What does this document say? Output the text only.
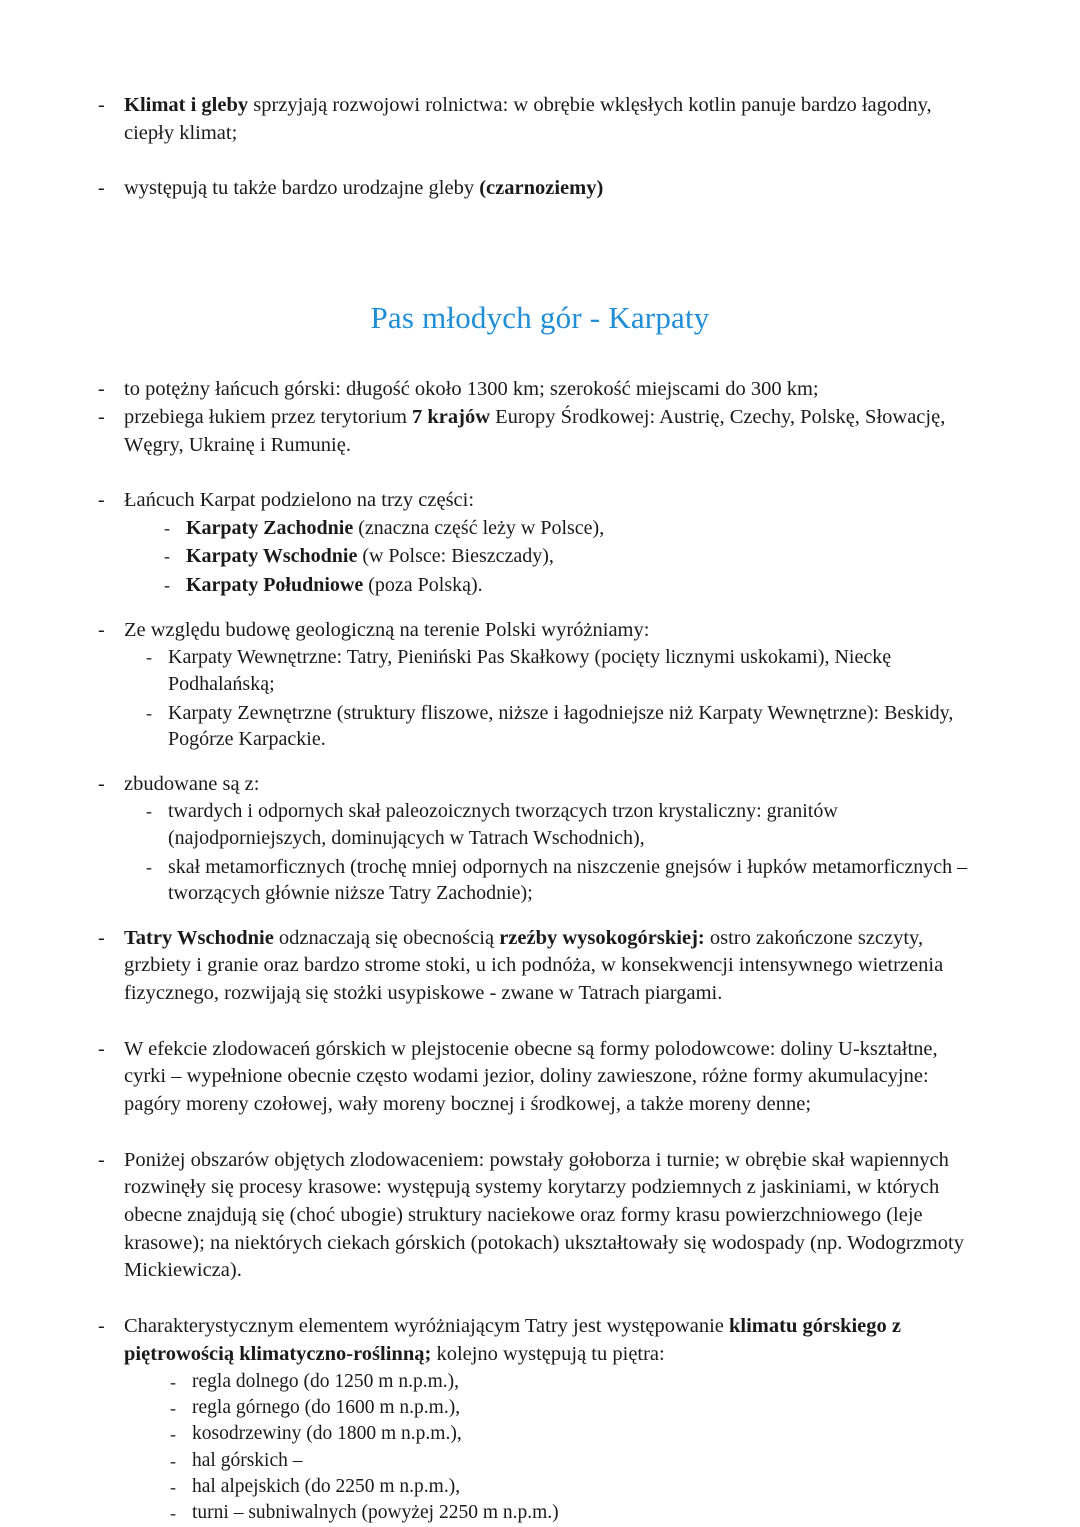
- Klimat i gleby sprzyjają rozwojowi rolnictwa: w obrębie wklęsłych kotlin panuje bardzo łagodny, ciepły klimat;
- występują tu także bardzo urodzajne gleby (czarnoziemy)
Pas młodych gór - Karpaty
- to potężny łańcuch górski: długość około 1300 km; szerokość miejscami do 300 km;
- przebiega łukiem przez terytorium 7 krajów Europy Środkowej: Austrię, Czechy, Polskę, Słowację, Węgry, Ukrainę i Rumunię.
- Łańcuch Karpat podzielono na trzy części:
- Karpaty Zachodnie (znaczna część leży w Polsce),
- Karpaty Wschodnie (w Polsce: Bieszczady),
- Karpaty Południowe (poza Polską).
- Ze względu budowę geologiczną na terenie Polski wyróżniamy:
- Karpaty Wewnętrzne: Tatry, Pieniński Pas Skałkowy (pocięty licznymi uskokami), Nieckę Podhalańską;
- Karpaty Zewnętrzne (struktury fliszowe, niższe i łagodniejsze niż Karpaty Wewnętrzne): Beskidy, Pogórze Karpackie.
- zbudowane są z:
- twardych i odpornych skał paleozoicznych tworzących trzon krystaliczny: granitów (najodporniejszych, dominujących w Tatrach Wschodnich),
- skał metamorficznych (trochę mniej odpornych na niszczenie gnejsów i łupków metamorficznych – tworzących głównie niższe Tatry Zachodnie);
- Tatry Wschodnie odznaczają się obecnością rzeźby wysokogórskiej: ostro zakończone szczyty, grzbiety i granie oraz bardzo strome stoki, u ich podnóża, w konsekwencji intensywnego wietrzenia fizycznego, rozwijają się stożki usypiskowe - zwane w Tatrach piargami.
- W efekcie zlodowaceń górskich w plejstocenie obecne są formy polodowcowe: doliny U-kształtne, cyrki – wypełnione obecnie często wodami jezior, doliny zawieszone, różne formy akumulacyjne: pagóry moreny czołowej, wały moreny bocznej i środkowej, a także moreny denne;
- Poniżej obszarów objętych zlodowaceniem: powstały gołoborza i turnie; w obrębie skał wapiennych rozwinęły się procesy krasowe: występują systemy korytarzy podziemnych z jaskiniami, w których obecne znajdują się (choć ubogie) struktury naciekowe oraz formy krasu powierzchniowego (leje krasowe); na niektórych ciekach górskich (potokach) ukształtowały się wodospady (np. Wodogrzmoty Mickiewicza).
- Charakterystycznym elementem wyróżniającym Tatry jest występowanie klimatu górskiego z piętrowością klimatyczno-roślinną; kolejno występują tu piętra:
- regla dolnego (do 1250 m n.p.m.),
- regla górnego (do 1600 m n.p.m.),
- kosodrzewiny (do 1800 m n.p.m.),
- hal górskich –
- hal alpejskich (do 2250 m n.p.m.),
- turni – subniwalnych (powyżej 2250 m n.p.m.)
